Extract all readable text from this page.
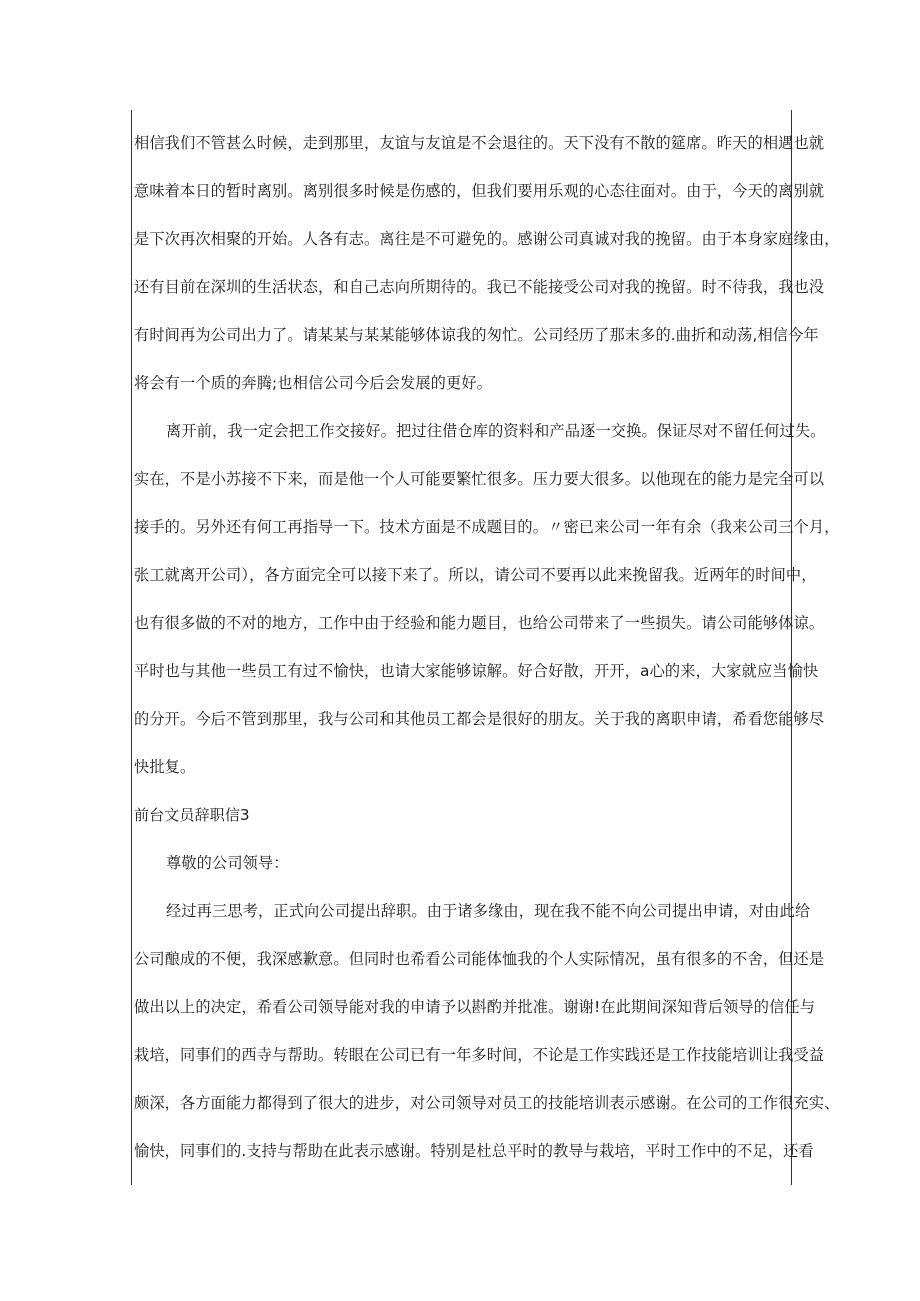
相信我们不管甚么时候，走到那里，友谊与友谊是不会退往的。天下没有不散的筵席。昨天的相遇也就
意味着本日的暂时离别。离别很多时候是伤感的，但我们要用乐观的心态往面对。由于，今天的离别就
是下次再次相聚的开始。人各有志。离往是不可避免的。感谢公司真诚对我的挽留。由于本身家庭缘由，
还有目前在深圳的生活状态，和自己志向所期待的。我已不能接受公司对我的挽留。时不待我，我也没
有时间再为公司出力了。请某某与某某能够体谅我的匆忙。公司经历了那末多的.曲折和动荡,相信今年
将会有一个质的奔腾;也相信公司今后会发展的更好。
离开前，我一定会把工作交接好。把过往借仓库的资料和产品逐一交换。保证尽对不留任何过失。
实在，不是小苏接不下来，而是他一个人可能要繁忙很多。压力要大很多。以他现在的能力是完全可以
接手的。另外还有何工再指导一下。技术方面是不成题目的。〃密已来公司一年有余（我来公司三个月，
张工就离开公司），各方面完全可以接下来了。所以，请公司不要再以此来挽留我。近两年的时间中，
也有很多做的不对的地方，工作中由于经验和能力题目，也给公司带来了一些损失。请公司能够体谅。
平时也与其他一些员工有过不愉快，也请大家能够谅解。好合好散，开开，a心的来，大家就应当愉快
的分开。今后不管到那里，我与公司和其他员工都会是很好的朋友。关于我的离职申请，希看您能够尽
快批复。
前台文员辞职信3
尊敬的公司领导：
经过再三思考，正式向公司提出辞职。由于诸多缘由，现在我不能不向公司提出申请，对由此给
公司酿成的不便，我深感歉意。但同时也希看公司能体恤我的个人实际情况，虽有很多的不舍，但还是
做出以上的决定，希看公司领导能对我的申请予以斟酌并批准。谢谢!在此期间深知背后领导的信任与
栽培，同事们的西寺与帮助。转眼在公司已有一年多时间，不论是工作实践还是工作技能培训让我受益
颇深，各方面能力都得到了很大的进步，对公司领导对员工的技能培训表示感谢。在公司的工作很充实、
愉快，同事们的.支持与帮助在此表示感谢。特别是杜总平时的教导与栽培，平时工作中的不足，还看
